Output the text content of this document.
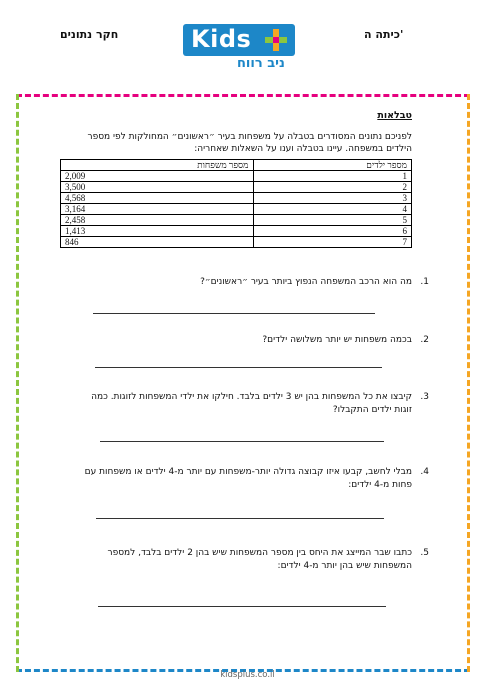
חקר נתונים	כיתה ה'
Kids
ניב רווח
טבלאות
לפניכם נתונים המסודרים בטבלה על משפחות בעיר ״ראשונים״ המחולקות לפי מספר הילדים במשפחה. עיינו בטבלה וענו על השאלות שאחריה:
מספר ילדים	מספר משפחות
1	2,009
2	3,500
3	4,568
4	3,164
5	2,458
6	1,413
7	846
1.
מה הוא הרכב המשפחה הנפוץ ביותר בעיר ״ראשונים״?
2.
בכמה משפחות יש יותר משלושה ילדים?
3.
קיבצו את כל המשפחות בהן יש 3 ילדים בלבד. חילקו את ילדי המשפחות לזוגות. כמה זוגות ילדים התקבלו?
4.
מבלי לחשב, קבעו איזו קבוצה גדולה יותר-משפחות עם יותר מ-4 ילדים או משפחות עם פחות מ-4 ילדים:
5.
כתבו שבר המייצג את היחס בין מספר המשפחות שיש בהן 2 ילדים בלבד, למספר המשפחות שיש בהן יותר מ-4 ילדים:
kidsplus.co.il
